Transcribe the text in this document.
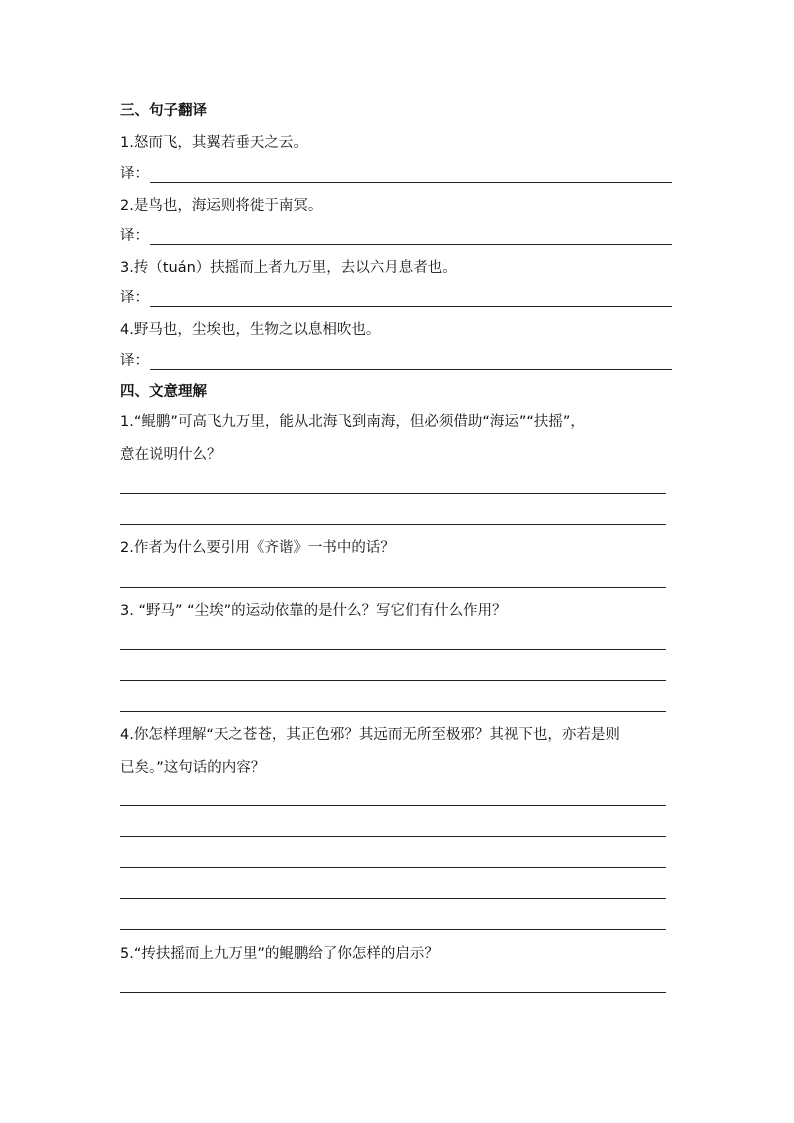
三、句子翻译
1.怒而飞，其翼若垂天之云。
译：
2.是鸟也，海运则将徙于南冥。
译：
3.抟（tuán）扶摇而上者九万里，去以六月息者也。
译：
4.野马也，尘埃也，生物之以息相吹也。
译：
四、文意理解
1.“鲲鹏”可高飞九万里，能从北海飞到南海，但必须借助“海运”“扶摇”，
意在说明什么？
2.作者为什么要引用《齐谐》一书中的话？
3. “野马” “尘埃”的运动依靠的是什么？写它们有什么作用？
4.你怎样理解“天之苍苍，其正色邪？其远而无所至极邪？其视下也，亦若是则
已矣。”这句话的内容？
5.“抟扶摇而上九万里”的鲲鹏给了你怎样的启示？
